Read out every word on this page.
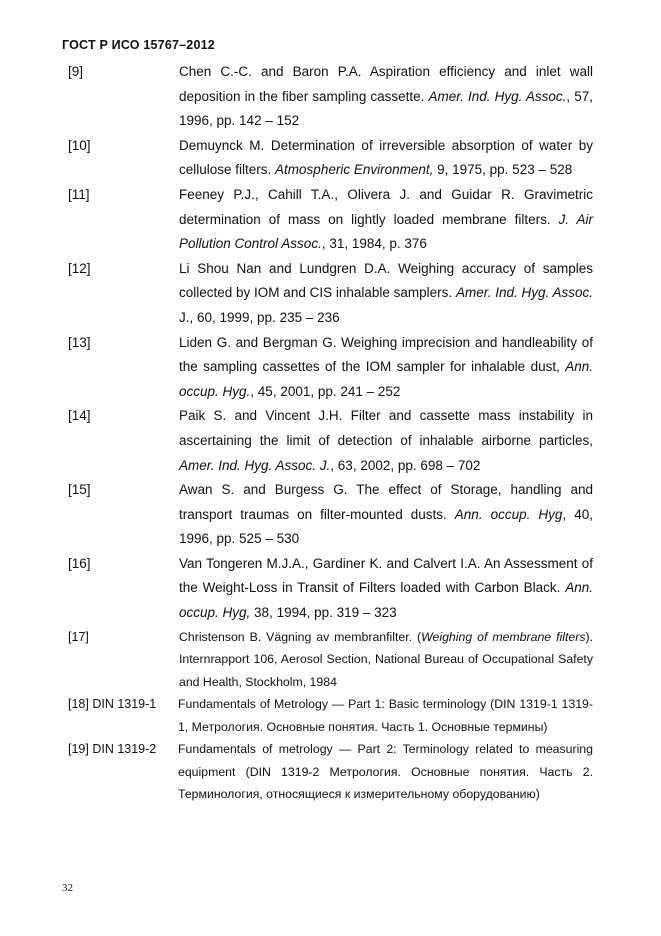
ГОСТ Р ИСО 15767–2012
[9]	Chen C.-C. and Baron P.A. Aspiration efficiency and inlet wall deposition in the fiber sampling cassette. Amer. Ind. Hyg. Assoc., 57, 1996, pp. 142 – 152
[10]	Demuynck M. Determination of irreversible absorption of water by cellulose filters. Atmospheric Environment, 9, 1975, pp. 523 – 528
[11]	Feeney P.J., Cahill T.A., Olivera J. and Guidar R. Gravimetric determination of mass on lightly loaded membrane filters. J. Air Pollution Control Assoc., 31, 1984, p. 376
[12]	Li Shou Nan and Lundgren D.A. Weighing accuracy of samples collected by IOM and CIS inhalable samplers. Amer. Ind. Hyg. Assoc. J., 60, 1999, pp. 235 – 236
[13]	Liden G. and Bergman G. Weighing imprecision and handleability of the sampling cassettes of the IOM sampler for inhalable dust, Ann. occup. Hyg., 45, 2001, pp. 241 – 252
[14]	Paik S. and Vincent J.H. Filter and cassette mass instability in ascertaining the limit of detection of inhalable airborne particles, Amer. Ind. Hyg. Assoc. J., 63, 2002, pp. 698 – 702
[15]	Awan S. and Burgess G. The effect of Storage, handling and transport traumas on filter-mounted dusts. Ann. occup. Hyg, 40, 1996, pp. 525 – 530
[16]	Van Tongeren M.J.A., Gardiner K. and Calvert I.A. An Assessment of the Weight-Loss in Transit of Filters loaded with Carbon Black. Ann. occup. Hyg, 38, 1994, pp. 319 – 323
[17]	Christenson B. Vägning av membranfilter. (Weighing of membrane filters). Internrapport 106, Aerosol Section, National Bureau of Occupational Safety and Health, Stockholm, 1984
[18] DIN 1319-1	Fundamentals of Metrology — Part 1: Basic terminology (DIN 1319-1 1319-1, Метрология. Основные понятия. Часть 1. Основные термины)
[19] DIN 1319-2	Fundamentals of metrology — Part 2: Terminology related to measuring equipment (DIN 1319-2 Метрология. Основные понятия. Часть 2. Терминология, относящиеся к измерительному оборудованию)
32
